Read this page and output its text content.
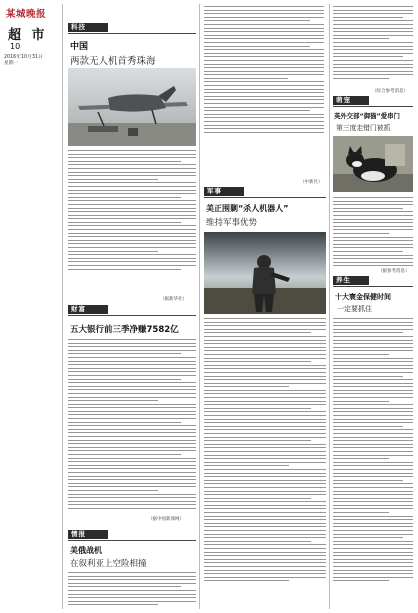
某城晚报
超 市
10
2016年10月31日
星期一
科技
中国
两款无人机首秀珠海
（据新华社）
财富
五大银行前三季净赚7582亿
（据中国新闻网）
情报
美俄战机
在叙利亚上空险相撞
（中新社）
军事
美正围剿“杀人机器人”
维持军事优势
（综合参考消息）
萌宠
英外交部“御猫”爱串门
第三度走错门被抓
（据参考消息）
养生
十大寰金保健时间
一定要抓住
